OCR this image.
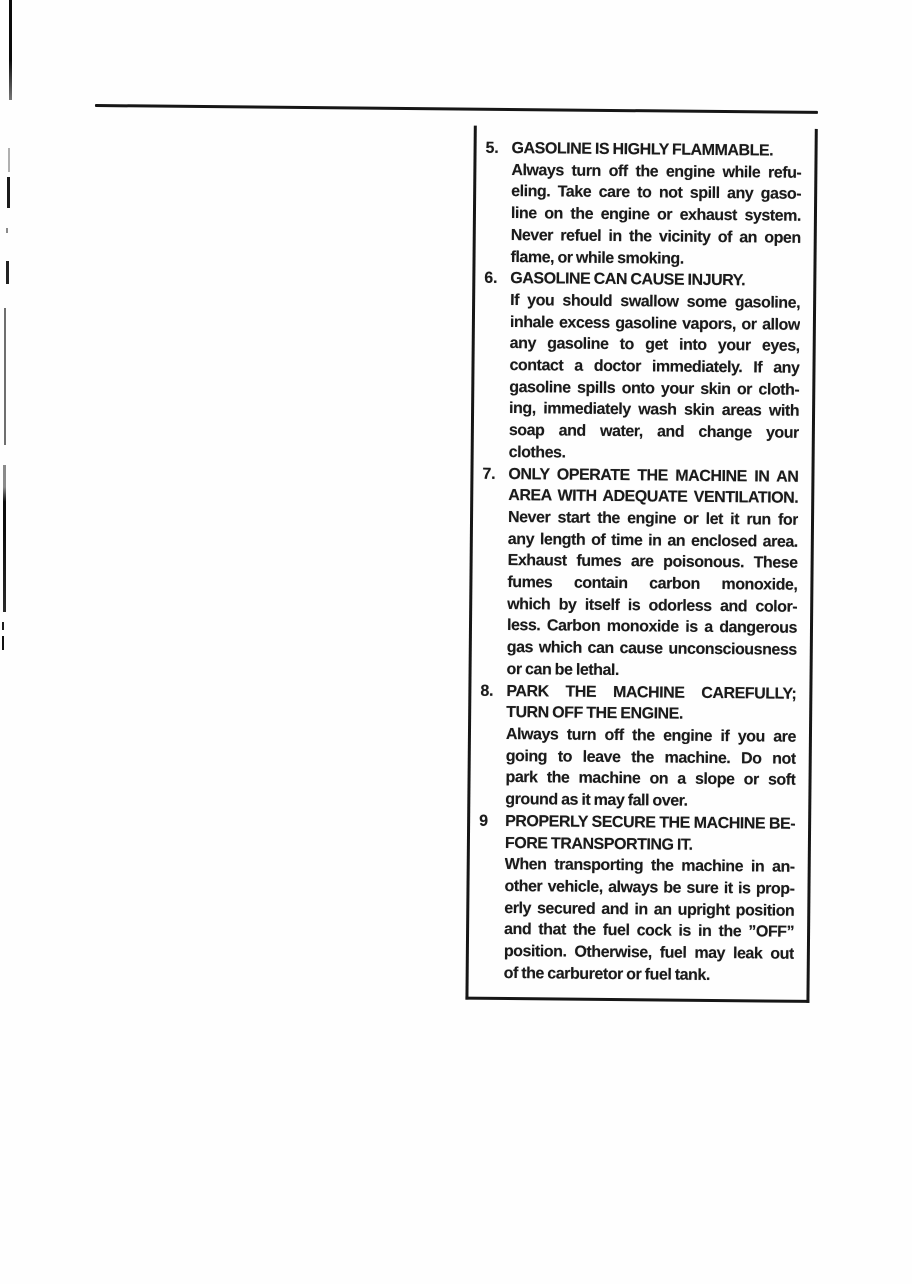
5. GASOLINE IS HIGHLY FLAMMABLE.
Always turn off the engine while refu-
eling. Take care to not spill any gaso-
line on the engine or exhaust system.
Never refuel in the vicinity of an open
flame, or while smoking.
6. GASOLINE CAN CAUSE INJURY.
If you should swallow some gasoline,
inhale excess gasoline vapors, or allow
any gasoline to get into your eyes,
contact a doctor immediately. If any
gasoline spills onto your skin or cloth-
ing, immediately wash skin areas with
soap and water, and change your
clothes.
7. ONLY OPERATE THE MACHINE IN AN
AREA WITH ADEQUATE VENTILATION.
Never start the engine or let it run for
any length of time in an enclosed area.
Exhaust fumes are poisonous. These
fumes contain carbon monoxide,
which by itself is odorless and color-
less. Carbon monoxide is a dangerous
gas which can cause unconsciousness
or can be lethal.
8. PARK THE MACHINE CAREFULLY;
TURN OFF THE ENGINE.
Always turn off the engine if you are
going to leave the machine. Do not
park the machine on a slope or soft
ground as it may fall over.
9 PROPERLY SECURE THE MACHINE BE-
FORE TRANSPORTING IT.
When transporting the machine in an-
other vehicle, always be sure it is prop-
erly secured and in an upright position
and that the fuel cock is in the ”OFF”
position. Otherwise, fuel may leak out
of the carburetor or fuel tank.
